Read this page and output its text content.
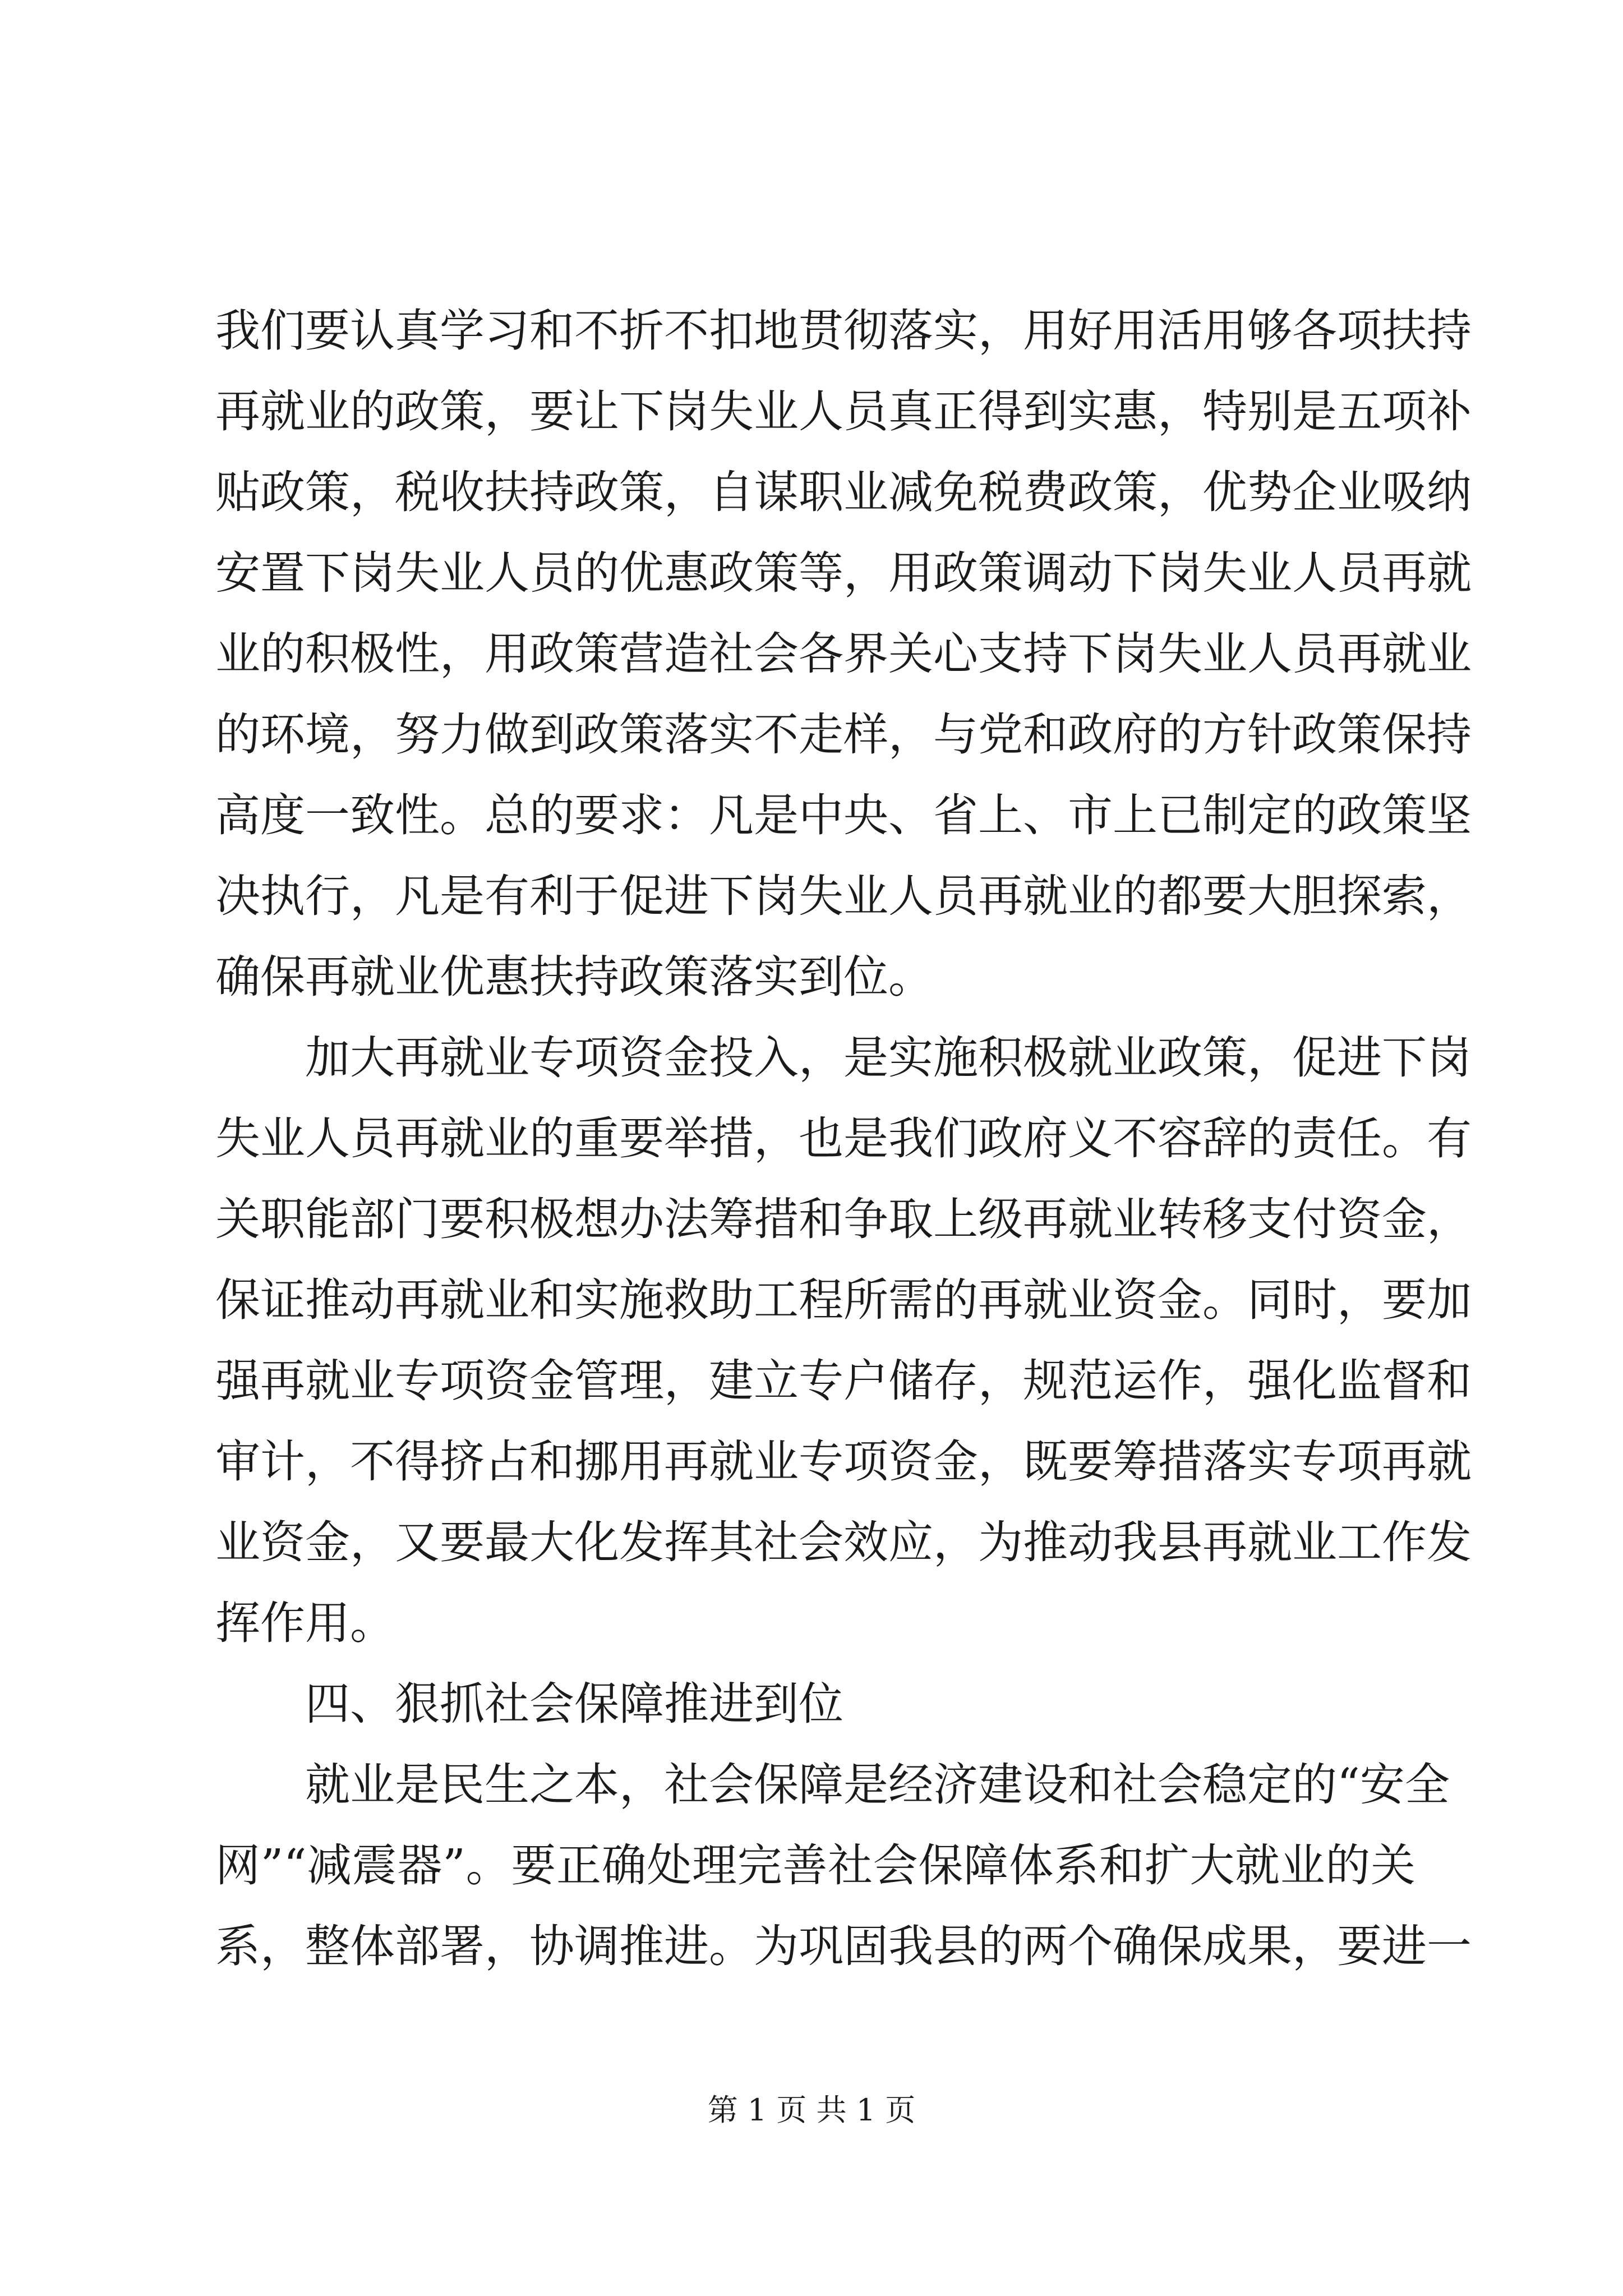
我们要认真学习和不折不扣地贯彻落实，用好用活用够各项扶持
再就业的政策，要让下岗失业人员真正得到实惠，特别是五项补
贴政策，税收扶持政策，自谋职业减免税费政策，优势企业吸纳
安置下岗失业人员的优惠政策等，用政策调动下岗失业人员再就
业的积极性，用政策营造社会各界关心支持下岗失业人员再就业
的环境，努力做到政策落实不走样，与党和政府的方针政策保持
高度一致性。总的要求：凡是中央、省上、市上已制定的政策坚
决执行，凡是有利于促进下岗失业人员再就业的都要大胆探索，
确保再就业优惠扶持政策落实到位。
加大再就业专项资金投入，是实施积极就业政策，促进下岗
失业人员再就业的重要举措，也是我们政府义不容辞的责任。有
关职能部门要积极想办法筹措和争取上级再就业转移支付资金，
保证推动再就业和实施救助工程所需的再就业资金。同时，要加
强再就业专项资金管理，建立专户储存，规范运作，强化监督和
审计，不得挤占和挪用再就业专项资金，既要筹措落实专项再就
业资金，又要最大化发挥其社会效应，为推动我县再就业工作发
挥作用。
四、狠抓社会保障推进到位
就业是民生之本，社会保障是经济建设和社会稳定的“安全
网”“减震器”。要正确处理完善社会保障体系和扩大就业的关
系，整体部署，协调推进。为巩固我县的两个确保成果，要进一
第 1 页 共 1 页
